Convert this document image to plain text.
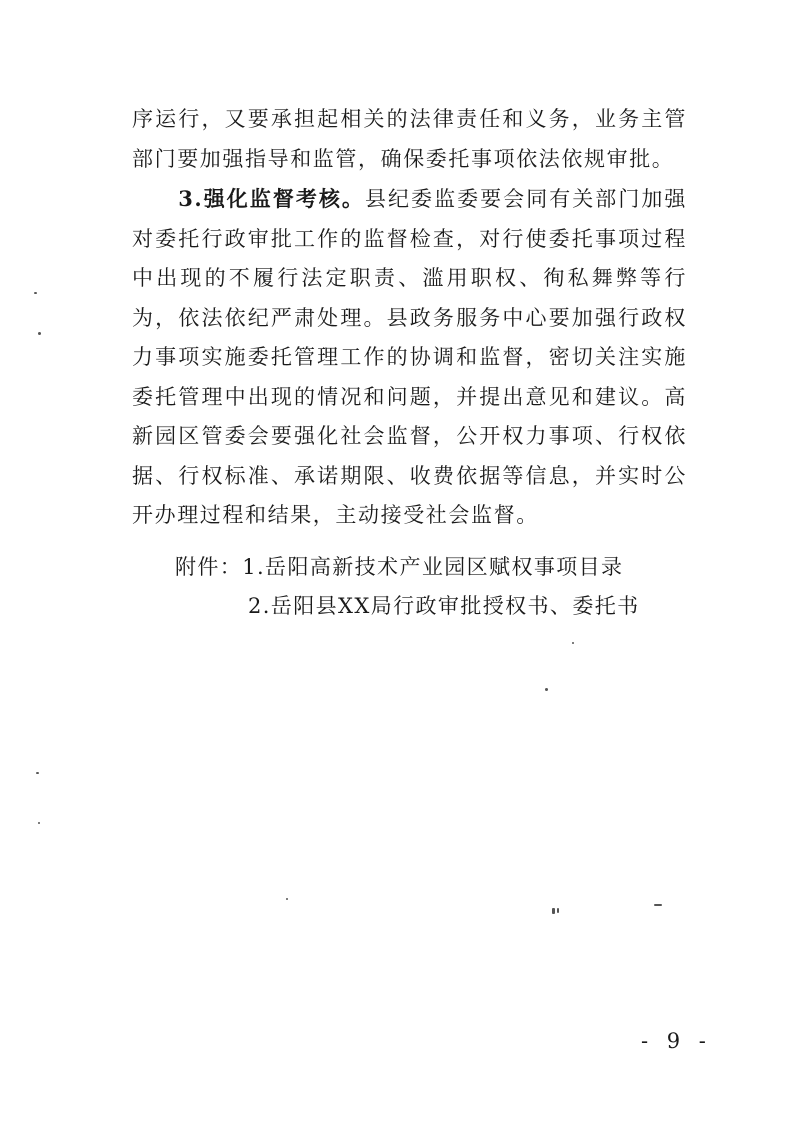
序运行，又要承担起相关的法律责任和义务，业务主管部门要加强指导和监管，确保委托事项依法依规审批。

3.强化监督考核。县纪委监委要会同有关部门加强对委托行政审批工作的监督检查，对行使委托事项过程中出现的不履行法定职责、滥用职权、徇私舞弊等行为，依法依纪严肃处理。县政务服务中心要加强行政权力事项实施委托管理工作的协调和监督，密切关注实施委托管理中出现的情况和问题，并提出意见和建议。高新园区管委会要强化社会监督，公开权力事项、行权依据、行权标准、承诺期限、收费依据等信息，并实时公开办理过程和结果，主动接受社会监督。

附件：1.岳阳高新技术产业园区赋权事项目录
2.岳阳县XX局行政审批授权书、委托书
- 9 -
